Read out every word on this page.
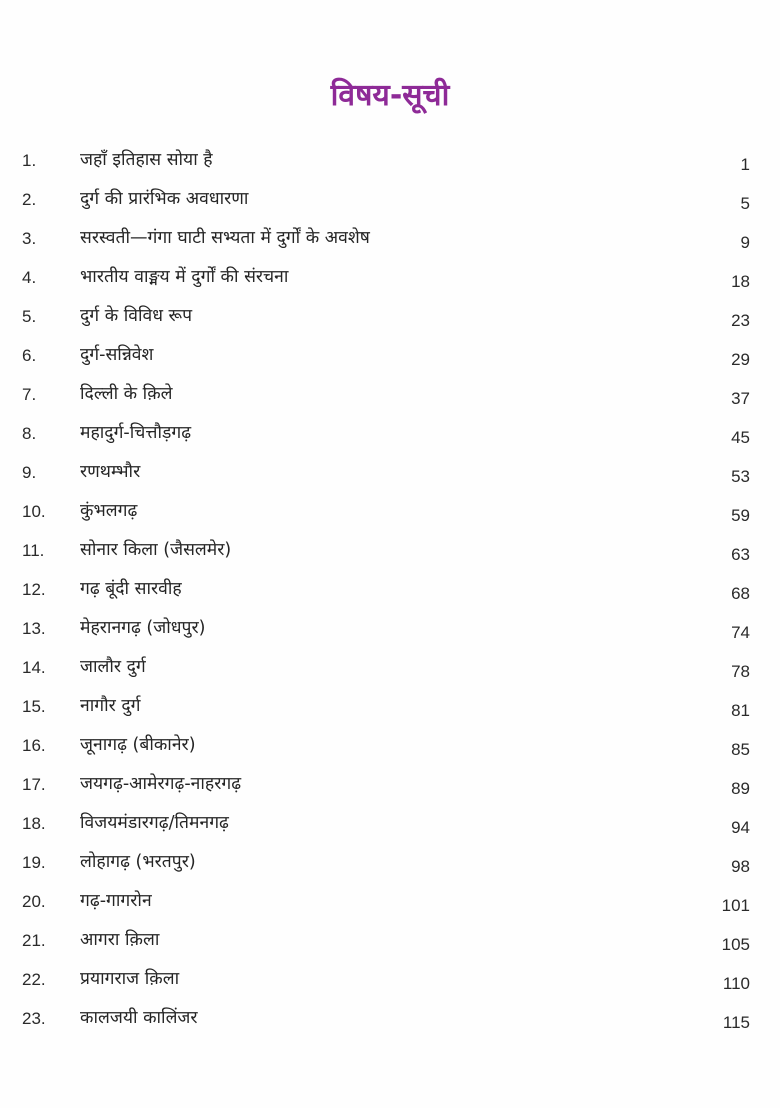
विषय-सूची
1.	जहाँ इतिहास सोया है	1
2.	दुर्ग की प्रारंभिक अवधारणा	5
3.	सरस्वती—गंगा घाटी सभ्यता में दुर्गों के अवशेष	9
4.	भारतीय वाङ्मय में दुर्गों की संरचना	18
5.	दुर्ग के विविध रूप	23
6.	दुर्ग-सन्निवेश	29
7.	दिल्ली के क़िले	37
8.	महादुर्ग-चित्तौड़गढ़	45
9.	रणथम्भौर	53
10.	कुंभलगढ़	59
11.	सोनार किला (जैसलमेर)	63
12.	गढ़ बूंदी सारवीह	68
13.	मेहरानगढ़ (जोधपुर)	74
14.	जालौर दुर्ग	78
15.	नागौर दुर्ग	81
16.	जूनागढ़ (बीकानेर)	85
17.	जयगढ़-आमेरगढ़-नाहरगढ़	89
18.	विजयमंडारगढ़/तिमनगढ़	94
19.	लोहागढ़ (भरतपुर)	98
20.	गढ़-गागरोन	101
21.	आगरा क़िला	105
22.	प्रयागराज क़िला	110
23.	कालजयी कालिंजर	115
